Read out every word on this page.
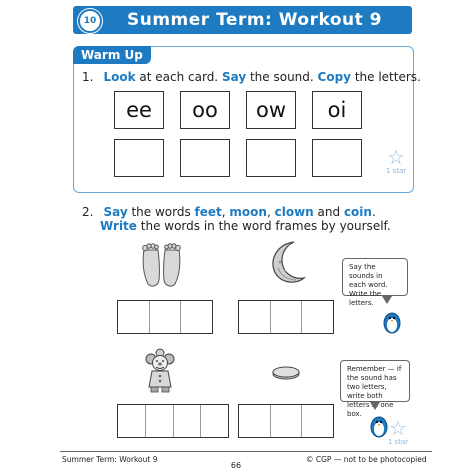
10 Summer Term: Workout 9
Warm Up
1. Look at each card. Say the sound. Copy the letters.
ee	oo	ow	oi
☆
1 star
2. Say the words feet, moon, clown and coin.
Write the words in the word frames by yourself.
Say the sounds in each word. Write the letters.
Remember — if the sound has two letters, write both letters in one box.
☆
1 star
Summer Term: Workout 9	© CGP — not to be photocopied
66
